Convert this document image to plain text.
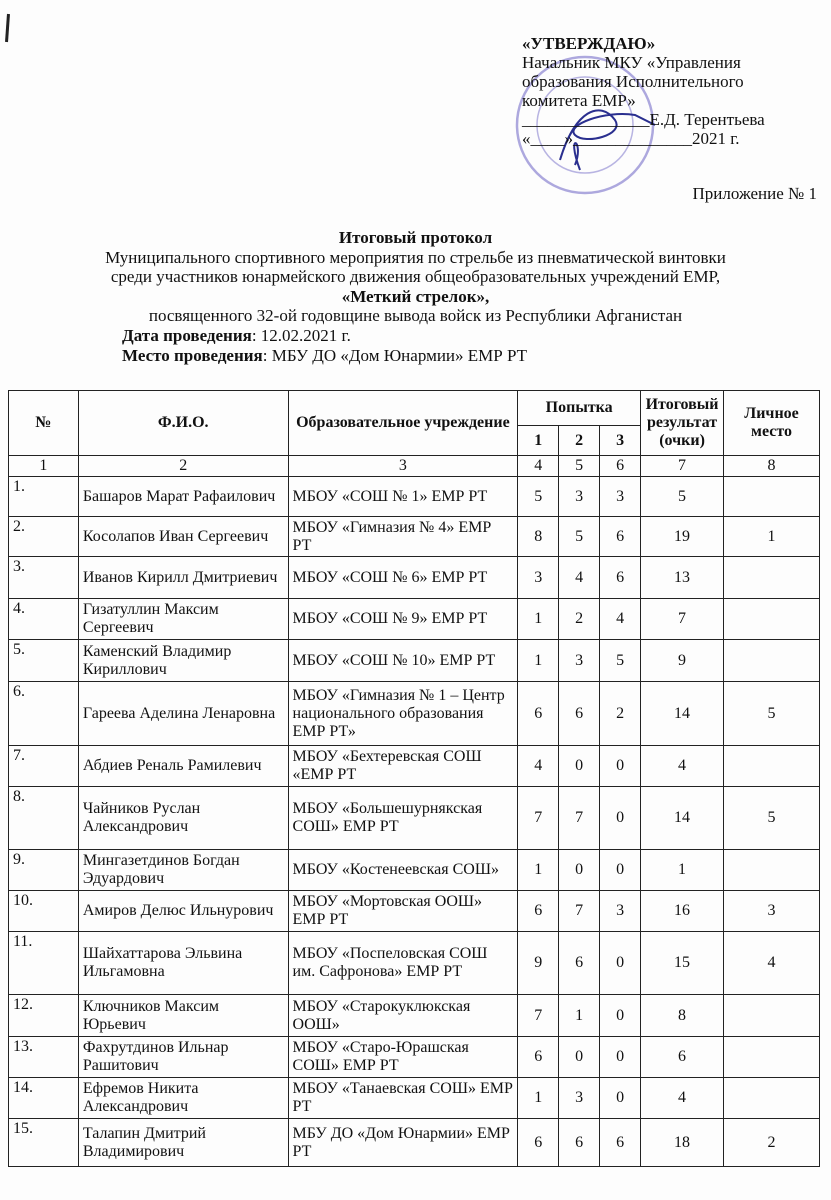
«УТВЕРЖДАЮ»
Начальник МКУ «Управления
образования Исполнительного
комитета ЕМР»
_______________Е.Д. Терентьева
«____»______________2021 г.
Приложение № 1
Итоговый протокол
Муниципального спортивного мероприятия по стрельбе из пневматической винтовки
среди участников юнармейского движения общеобразовательных учреждений ЕМР,
«Меткий стрелок»,
посвященного 32-ой годовщине вывода войск из Республики Афганистан
Дата проведения: 12.02.2021 г.
Место проведения: МБУ ДО «Дом Юнармии» ЕМР РТ
№	Ф.И.О.	Образовательное учреждение	Попытка			Итоговый результат (очки)	Личное место
			1	2	3		
1	2	3	4	5	6	7	8
1.	Башаров Марат Рафаилович	МБОУ «СОШ № 1» ЕМР РТ	5	3	3	5	
2.	Косолапов Иван Сергеевич	МБОУ «Гимназия № 4» ЕМР РТ	8	5	6	19	1
3.	Иванов Кирилл Дмитриевич	МБОУ «СОШ № 6» ЕМР РТ	3	4	6	13	
4.	Гизатуллин Максим Сергеевич	МБОУ «СОШ № 9» ЕМР РТ	1	2	4	7	
5.	Каменский Владимир Кириллович	МБОУ «СОШ № 10» ЕМР РТ	1	3	5	9	
6.	Гареева Аделина Ленаровна	МБОУ «Гимназия № 1 – Центр национального образования ЕМР РТ»	6	6	2	14	5
7.	Абдиев Реналь Рамилевич	МБОУ «Бехтеревская СОШ «ЕМР РТ	4	0	0	4	
8.	Чайников Руслан Александрович	МБОУ «Большешурнякская СОШ» ЕМР РТ	7	7	0	14	5
9.	Мингазетдинов Богдан Эдуардович	МБОУ «Костенеевская СОШ»	1	0	0	1	
10.	Амиров Делюс Ильнурович	МБОУ «Мортовская ООШ» ЕМР РТ	6	7	3	16	3
11.	Шайхаттарова Эльвина Ильгамовна	МБОУ «Поспеловская СОШ им. Сафронова» ЕМР РТ	9	6	0	15	4
12.	Ключников Максим Юрьевич	МБОУ «Старокуклюкская ООШ»	7	1	0	8	
13.	Фахрутдинов Ильнар Рашитович	МБОУ «Старо-Юрашская СОШ» ЕМР РТ	6	0	0	6	
14.	Ефремов Никита Александрович	МБОУ «Танаевская СОШ» ЕМР РТ	1	3	0	4	
15.	Талапин Дмитрий Владимирович	МБУ ДО «Дом Юнармии» ЕМР РТ	6	6	6	18	2
